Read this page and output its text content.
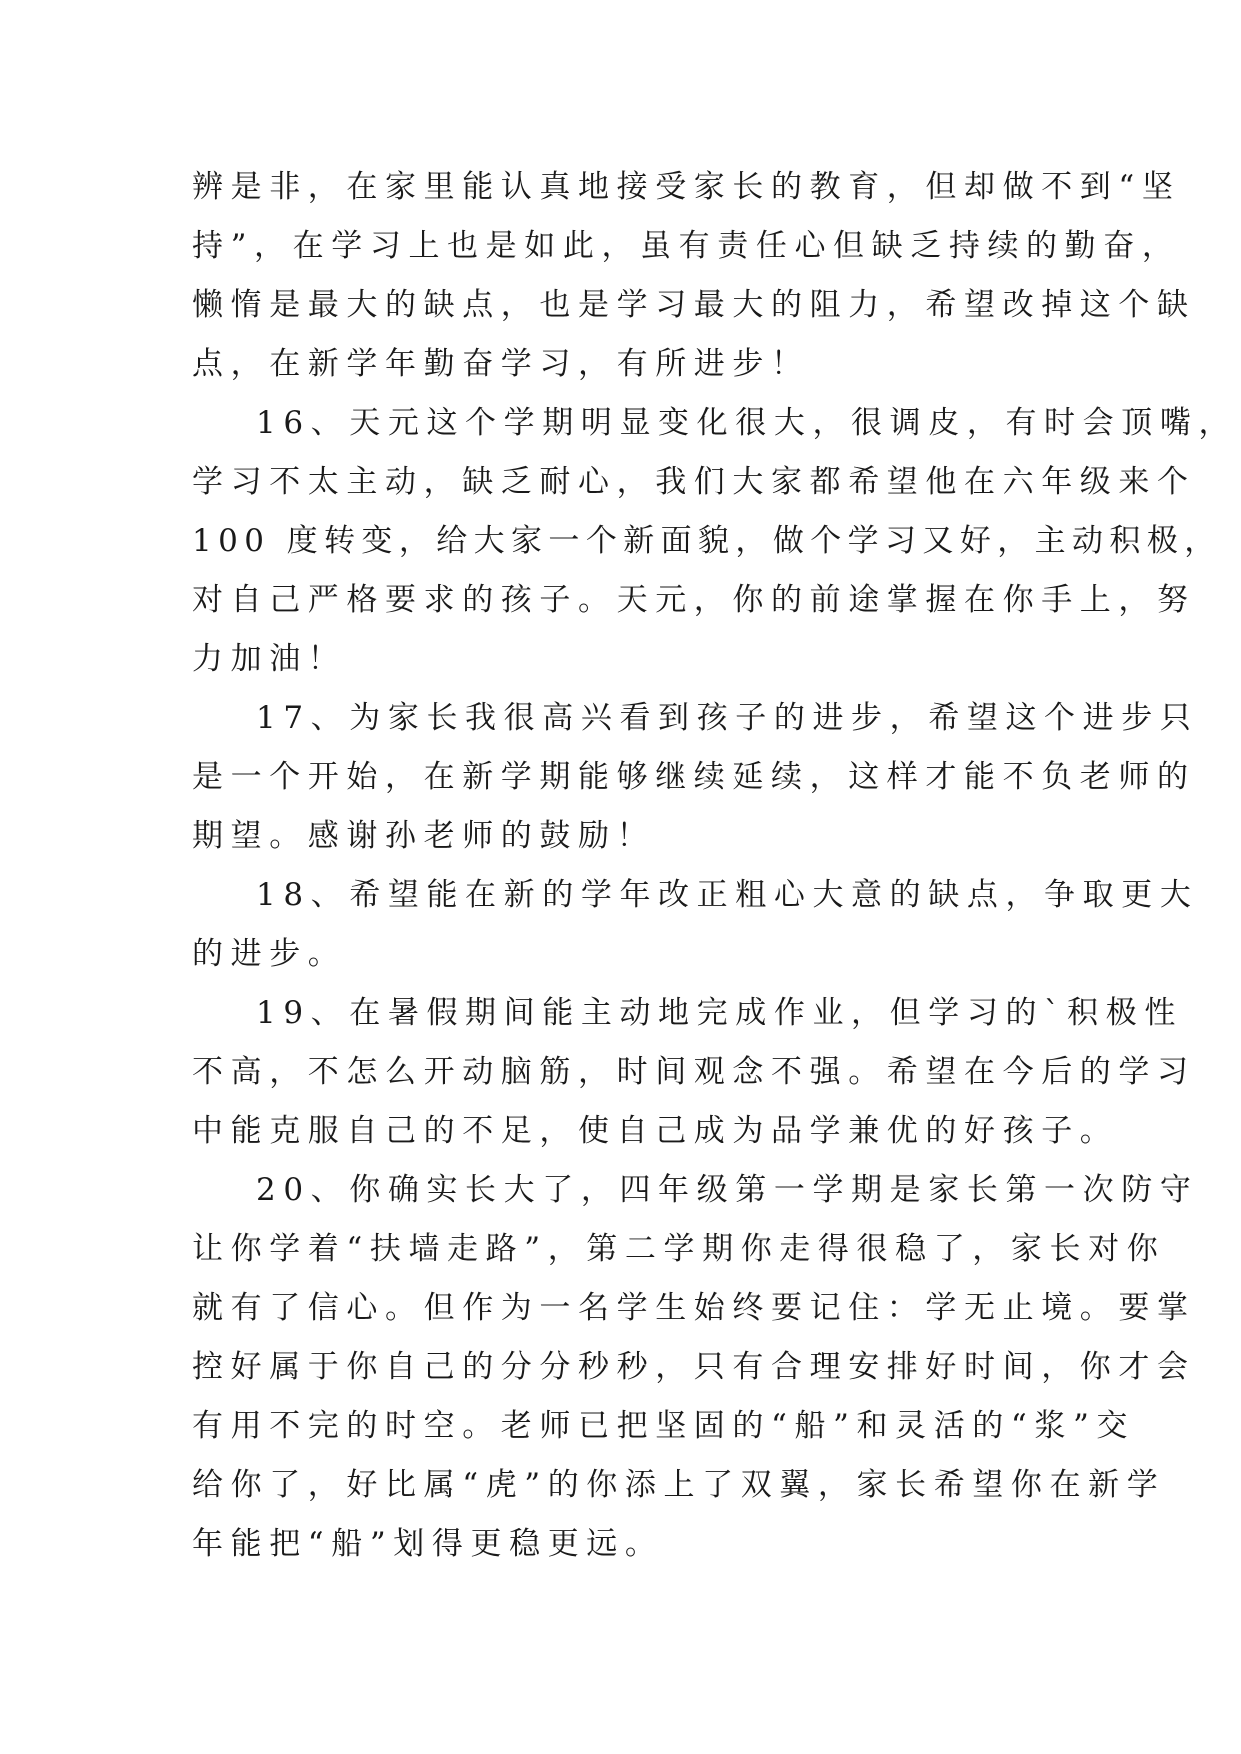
辨是非，在家里能认真地接受家长的教育，但却做不到“坚
持”，在学习上也是如此，虽有责任心但缺乏持续的勤奋，
懒惰是最大的缺点，也是学习最大的阻力，希望改掉这个缺
点，在新学年勤奋学习，有所进步！
16、天元这个学期明显变化很大，很调皮，有时会顶嘴，
学习不太主动，缺乏耐心，我们大家都希望他在六年级来个
100 度转变，给大家一个新面貌，做个学习又好，主动积极，
对自己严格要求的孩子。天元，你的前途掌握在你手上，努
力加油！
17、为家长我很高兴看到孩子的进步，希望这个进步只
是一个开始，在新学期能够继续延续，这样才能不负老师的
期望。感谢孙老师的鼓励！
18、希望能在新的学年改正粗心大意的缺点，争取更大
的进步。
19、在暑假期间能主动地完成作业，但学习的`积极性
不高，不怎么开动脑筋，时间观念不强。希望在今后的学习
中能克服自己的不足，使自己成为品学兼优的好孩子。
20、你确实长大了，四年级第一学期是家长第一次防守
让你学着“扶墙走路”，第二学期你走得很稳了，家长对你
就有了信心。但作为一名学生始终要记住：学无止境。要掌
控好属于你自己的分分秒秒，只有合理安排好时间，你才会
有用不完的时空。老师已把坚固的“船”和灵活的“浆”交
给你了，好比属“虎”的你添上了双翼，家长希望你在新学
年能把“船”划得更稳更远。
